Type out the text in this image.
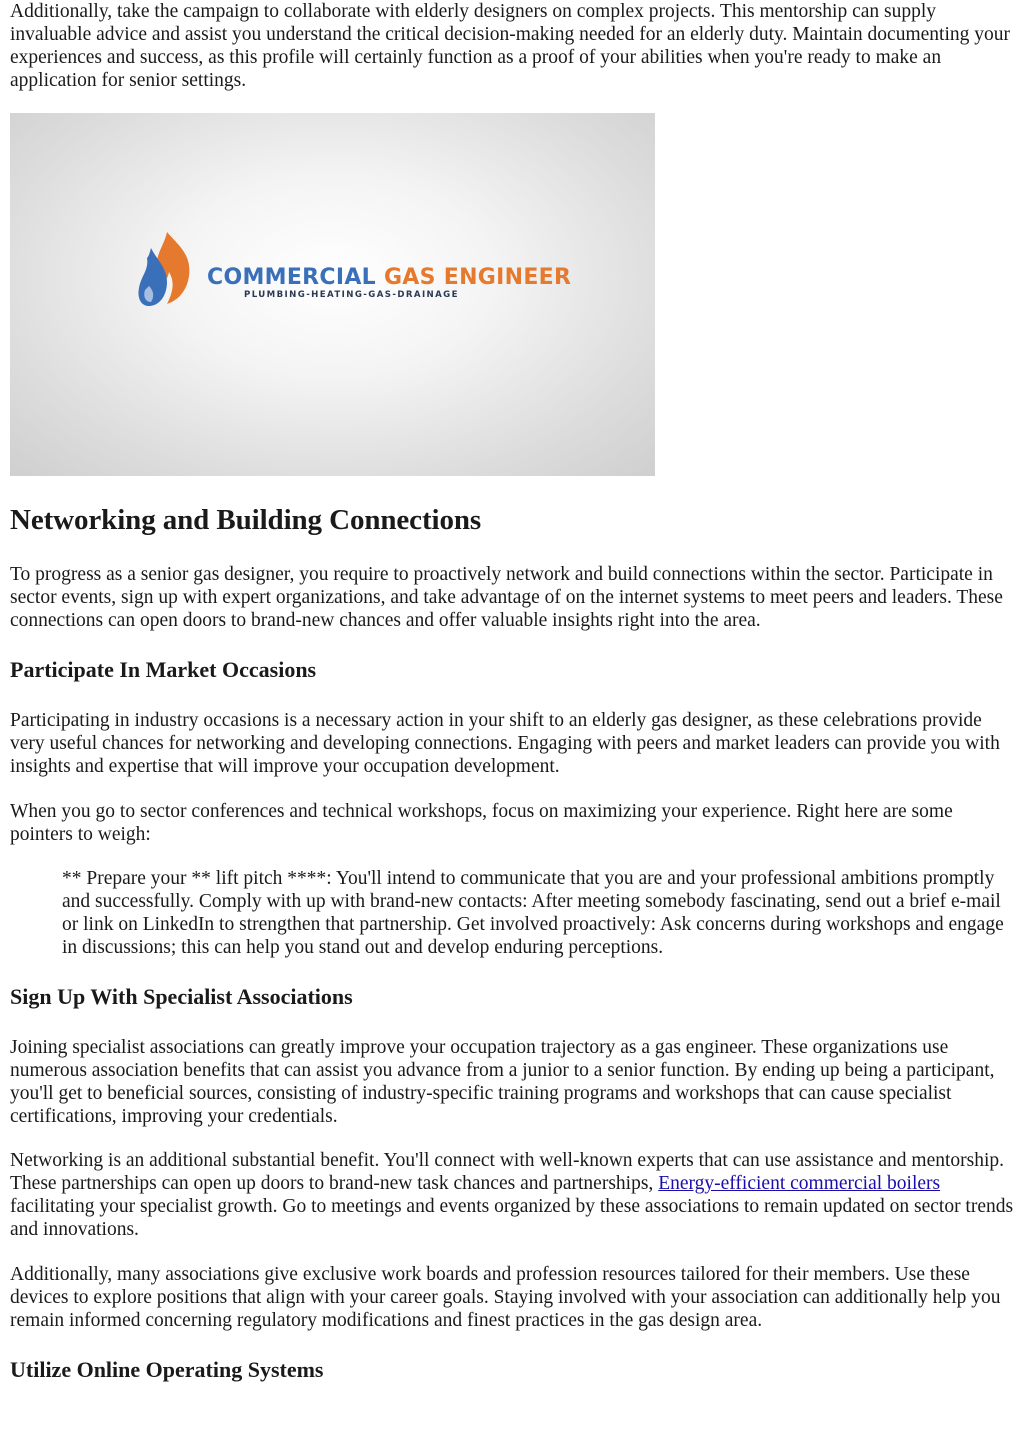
Additionally, take the campaign to collaborate with elderly designers on complex projects. This mentorship can supply invaluable advice and assist you understand the critical decision-making needed for an elderly duty. Maintain documenting your experiences and success, as this profile will certainly function as a proof of your abilities when you're ready to make an application for senior settings.

COMMERCIAL GAS ENGINEER
PLUMBING-HEATING-GAS-DRAINAGE
Networking and Building Connections

To progress as a senior gas designer, you require to proactively network and build connections within the sector. Participate in sector events, sign up with expert organizations, and take advantage of on the internet systems to meet peers and leaders. These connections can open doors to brand-new chances and offer valuable insights right into the area.

Participate In Market Occasions

Participating in industry occasions is a necessary action in your shift to an elderly gas designer, as these celebrations provide very useful chances for networking and developing connections. Engaging with peers and market leaders can provide you with insights and expertise that will improve your occupation development.

When you go to sector conferences and technical workshops, focus on maximizing your experience. Right here are some pointers to weigh:

** Prepare your ** lift pitch ****: You'll intend to communicate that you are and your professional ambitions promptly and successfully. Comply with up with brand-new contacts: After meeting somebody fascinating, send out a brief e-mail or link on LinkedIn to strengthen that partnership. Get involved proactively: Ask concerns during workshops and engage in discussions; this can help you stand out and develop enduring perceptions.

Sign Up With Specialist Associations

Joining specialist associations can greatly improve your occupation trajectory as a gas engineer. These organizations use numerous association benefits that can assist you advance from a junior to a senior function. By ending up being a participant, you'll get to beneficial sources, consisting of industry-specific training programs and workshops that can cause specialist certifications, improving your credentials.

Networking is an additional substantial benefit. You'll connect with well-known experts that can use assistance and mentorship. These partnerships can open up doors to brand-new task chances and partnerships, Energy-efficient commercial boilers facilitating your specialist growth. Go to meetings and events organized by these associations to remain updated on sector trends and innovations.

Additionally, many associations give exclusive work boards and profession resources tailored for their members. Use these devices to explore positions that align with your career goals. Staying involved with your association can additionally help you remain informed concerning regulatory modifications and finest practices in the gas design area.

Utilize Online Operating Systems
